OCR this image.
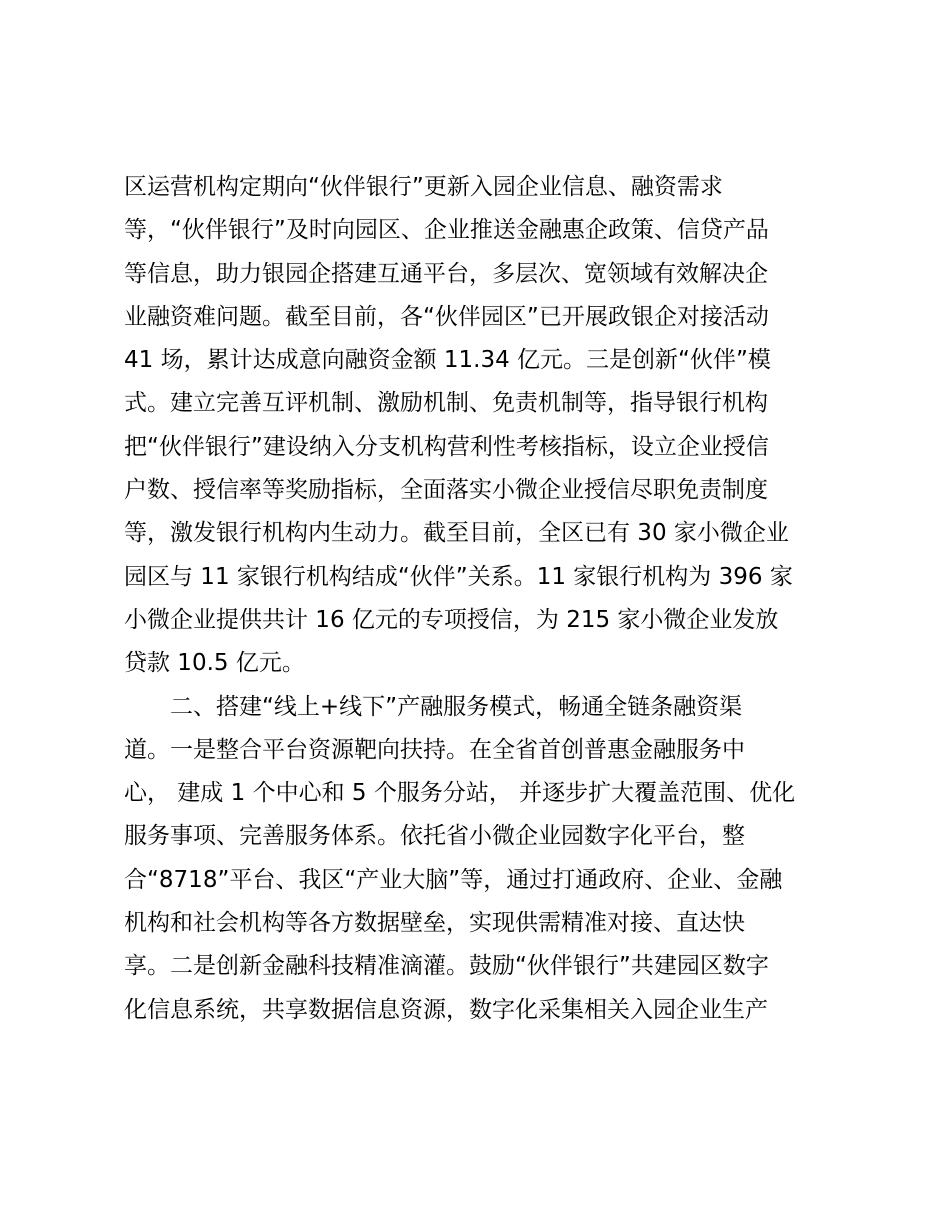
区运营机构定期向“伙伴银行”更新入园企业信息、融资需求
等，“伙伴银行”及时向园区、企业推送金融惠企政策、信贷产品
等信息，助力银园企搭建互通平台，多层次、宽领域有效解决企
业融资难问题。截至目前，各“伙伴园区”已开展政银企对接活动
41 场，累计达成意向融资金额 11.34 亿元。三是创新“伙伴”模
式。建立完善互评机制、激励机制、免责机制等，指导银行机构
把“伙伴银行”建设纳入分支机构营利性考核指标，设立企业授信
户数、授信率等奖励指标，全面落实小微企业授信尽职免责制度
等，激发银行机构内生动力。截至目前，全区已有 30 家小微企业
园区与 11 家银行机构结成“伙伴”关系。11 家银行机构为 396 家
小微企业提供共计 16 亿元的专项授信，为 215 家小微企业发放
贷款 10.5 亿元。
二、搭建“线上+线下”产融服务模式，畅通全链条融资渠
道。一是整合平台资源靶向扶持。在全省首创普惠金融服务中
心， 建成 1 个中心和 5 个服务分站， 并逐步扩大覆盖范围、优化
服务事项、完善服务体系。依托省小微企业园数字化平台，整
合“8718”平台、我区“产业大脑”等，通过打通政府、企业、金融
机构和社会机构等各方数据壁垒，实现供需精准对接、直达快
享。二是创新金融科技精准滴灌。鼓励“伙伴银行”共建园区数字
化信息系统，共享数据信息资源，数字化采集相关入园企业生产
